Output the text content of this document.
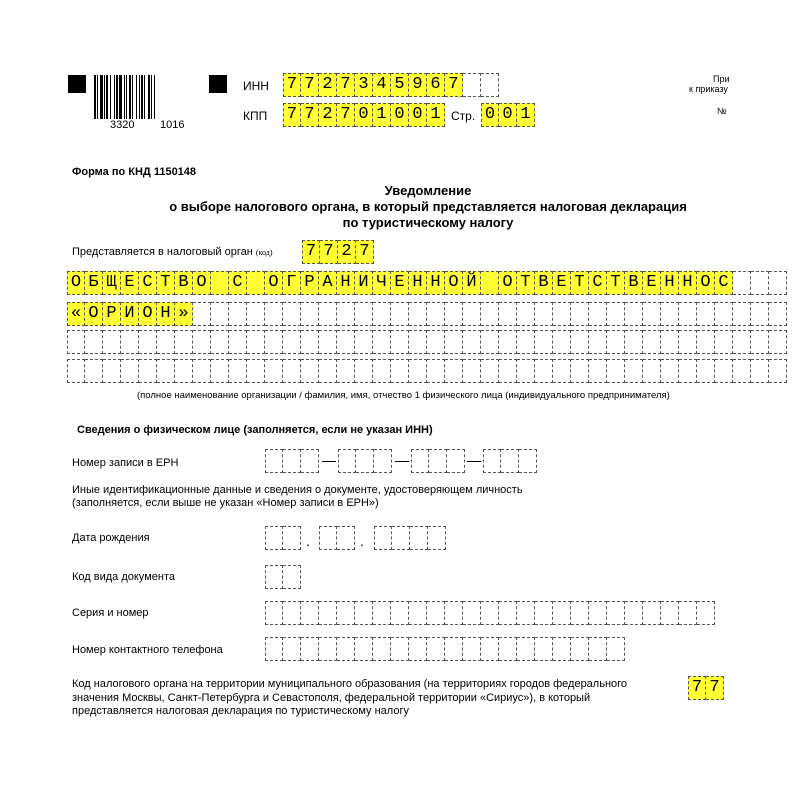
3320 1016
ИНН 7 7 2 7 3 4 5 9 6 7
КПП 7 7 2 7 0 1 0 0 1 Стр. 0 0 1
При
к приказу
№
Форма по КНД 1150148
Уведомление
о выборе налогового органа, в который представляется налоговая декларация
по туристическому налогу
Представляется в налоговый орган (код) 7 7 2 7
О Б Щ Е С Т В О С О Г Р А Н И Ч Е Н Н О Й О Т В Е Т С Т В Е Н Н О С
« О Р И О Н »
(полное наименование организации / фамилия, имя, отчество 1 физического лица (индивидуального предпринимателя)
Сведения о физическом лице (заполняется, если не указан ИНН)
Номер записи в ЕРН
Иные идентификационные данные и сведения о документе, удостоверяющем личность
(заполняется, если выше не указан «Номер записи в ЕРН»)
Дата рождения	.	.
Код вида документа
Серия и номер
Номер контактного телефона
Код налогового органа на территории муниципального образования (на территориях городов федерального
значения Москвы, Санкт-Петербурга и Севастополя, федеральной территории «Сириус»), в который
представляется налоговая декларация по туристическому налогу
7 7
